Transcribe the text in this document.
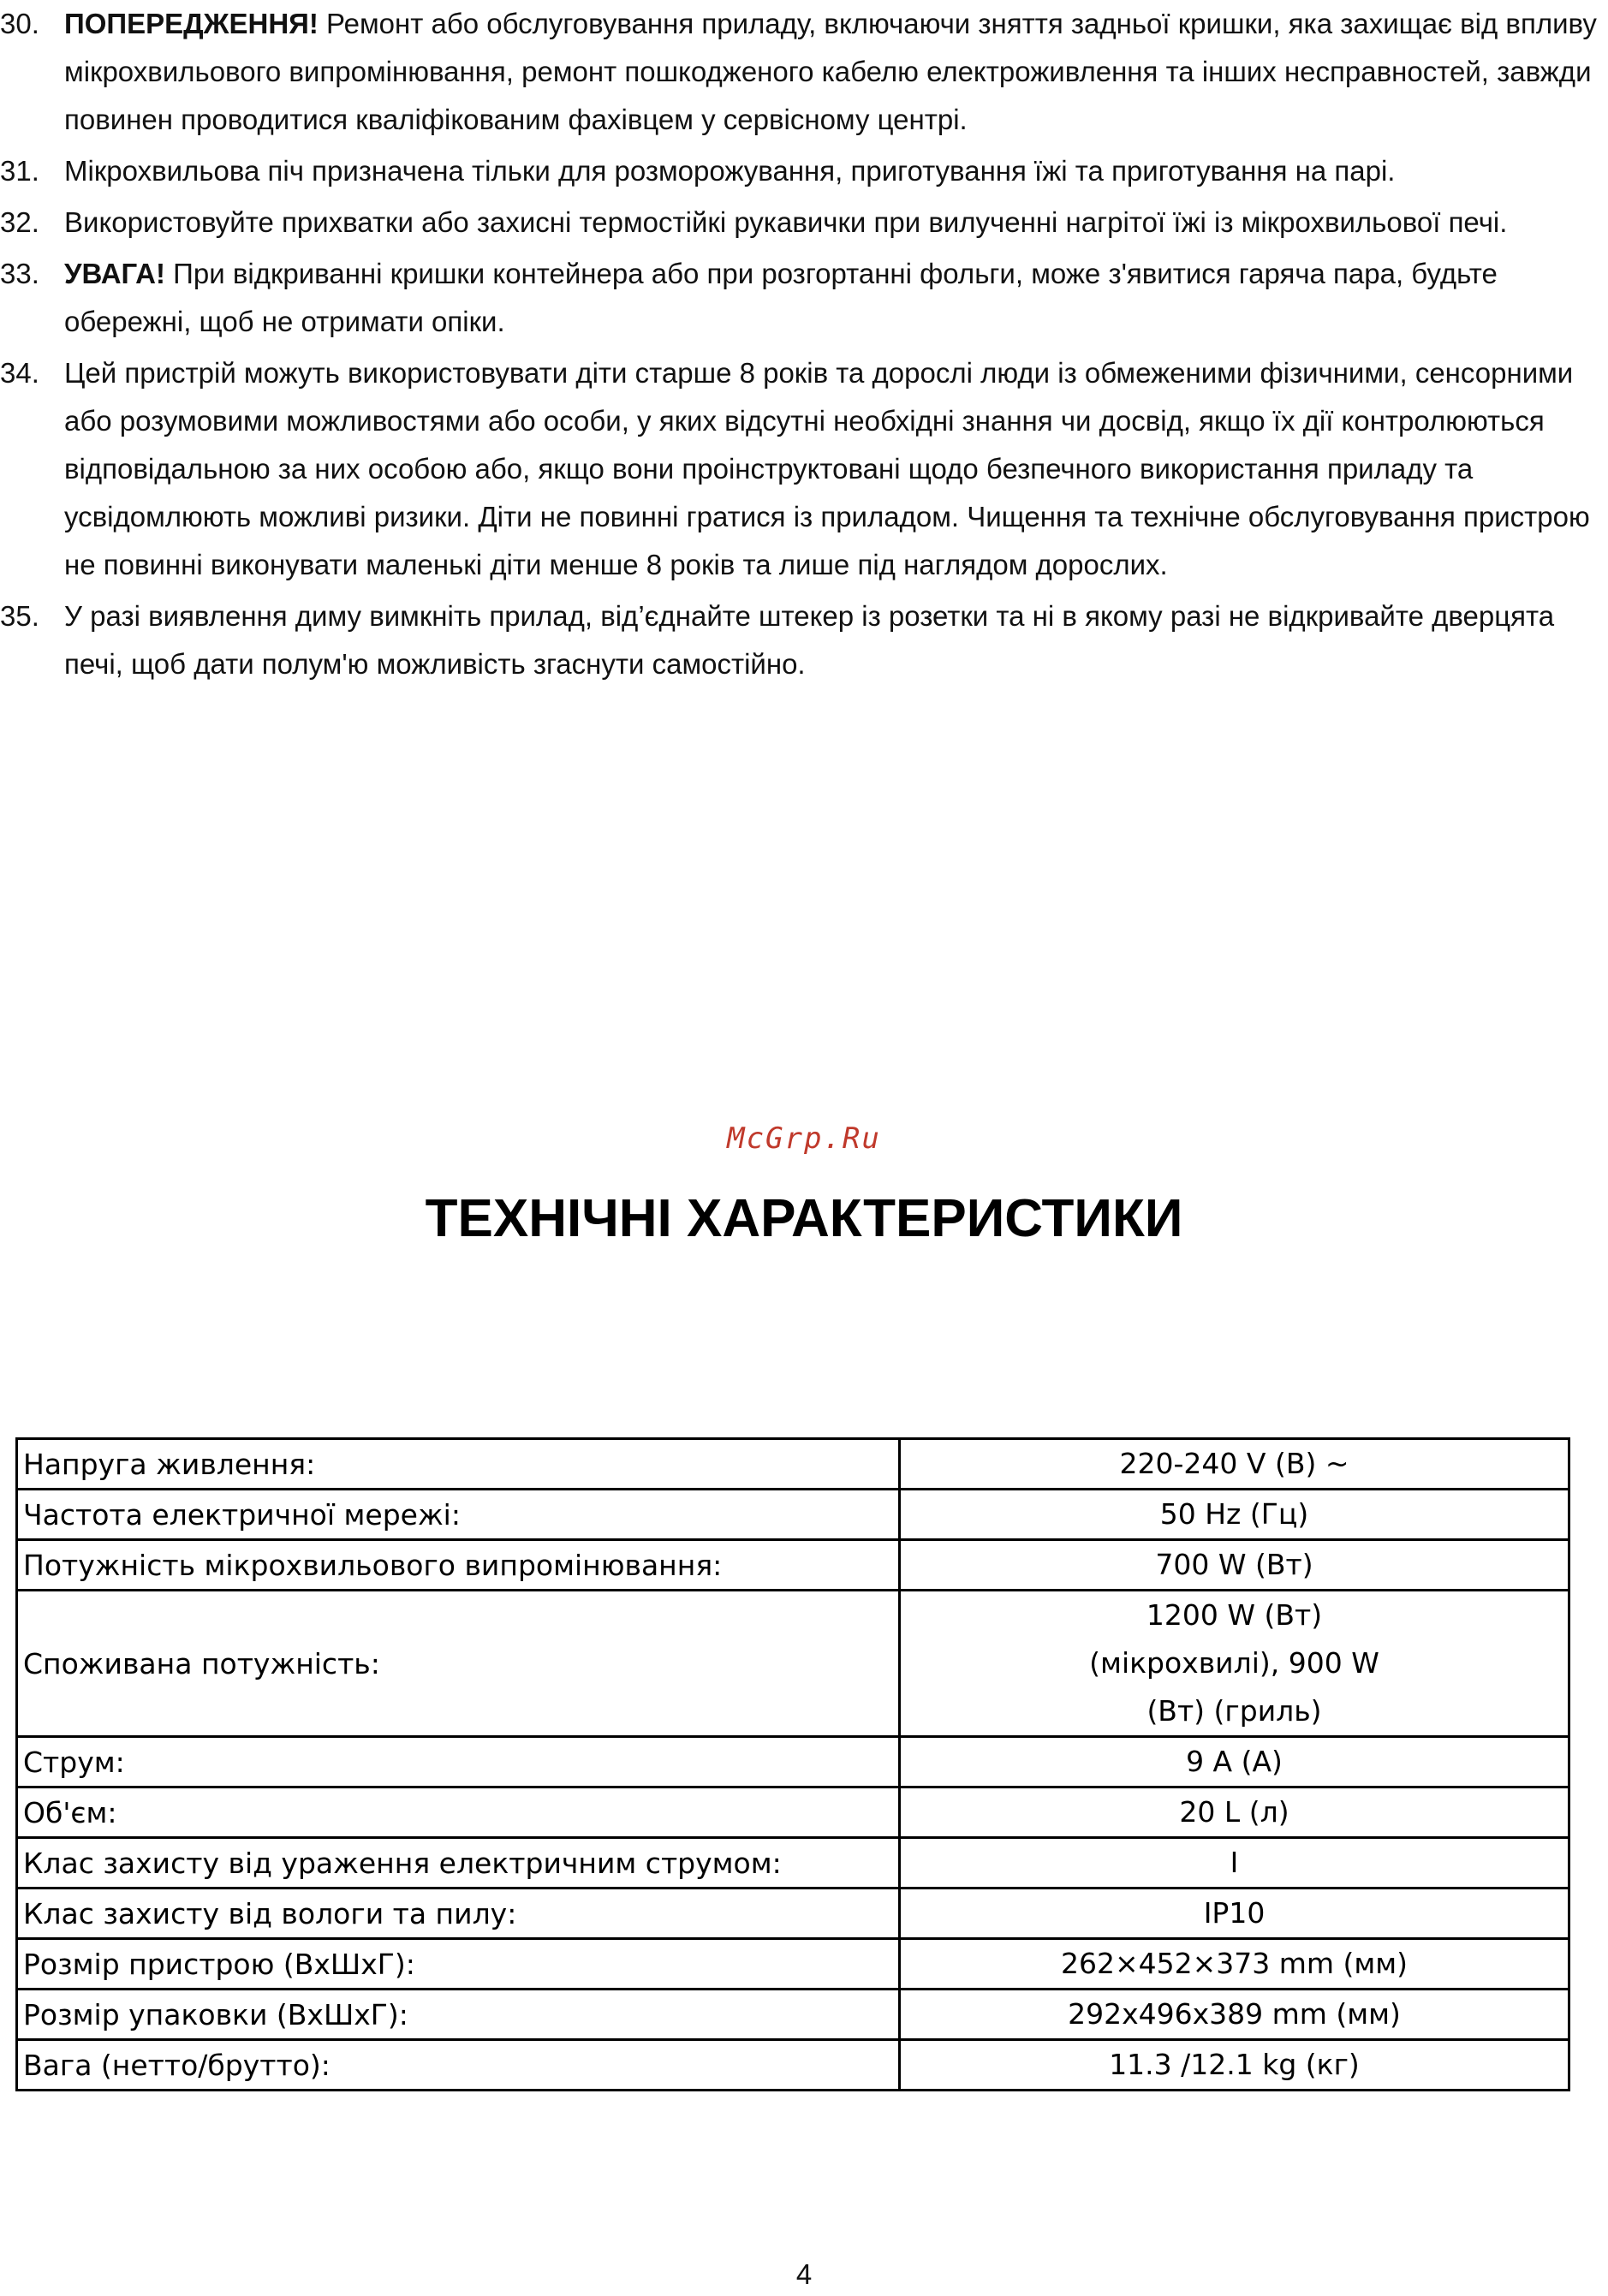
30. ПОПЕРЕДЖЕННЯ! Ремонт або обслуговування приладу, включаючи зняття задньої кришки, яка захищає від впливу мікрохвильового випромінювання, ремонт пошкодженого кабелю електроживлення та інших несправностей, завжди повинен проводитися кваліфікованим фахівцем у сервісному центрі.
31. Мікрохвильова піч призначена тільки для розморожування, приготування їжі та приготування на парі.
32. Використовуйте прихватки або захисні термостійкі рукавички при вилученні нагрітої їжі із мікрохвильової печі.
33. УВАГА! При відкриванні кришки контейнера або при розгортанні фольги, може з'явитися гаряча пара, будьте обережні, щоб не отримати опіки.
34. Цей пристрій можуть використовувати діти старше 8 років та дорослі люди із обмеженими фізичними, сенсорними або розумовими можливостями або особи, у яких відсутні необхідні знання чи досвід, якщо їх дії контролюються відповідальною за них особою або, якщо вони проінструктовані щодо безпечного використання приладу та усвідомлюють можливі ризики. Діти не повинні гратися із приладом. Чищення та технічне обслуговування пристрою не повинні виконувати маленькі діти менше 8 років та лише під наглядом дорослих.
35. У разі виявлення диму вимкніть прилад, від’єднайте штекер із розетки та ні в якому разі не відкривайте дверцята печі, щоб дати полум'ю можливість згаснути самостійно.
McGrp.Ru
ТЕХНІЧНІ ХАРАКТЕРИСТИКИ
Напруга живлення:	220-240 V (В) ~
Частота електричної мережі:	50 Hz (Гц)
Потужність мікрохвильового випромінювання:	700 W (Вт)
Споживана потужність:	1200 W (Вт)
(мікрохвилі), 900 W
(Вт) (гриль)

Струм:	9 A (А)
Об'єм:	20 L (л)
Клас захисту від ураження електричним струмом:	I
Клас захисту від вологи та пилу:	IP10
Розмір пристрою (ВхШхГ):	262×452×373 mm (мм)
Розмір упаковки (ВхШхГ):	292x496x389 mm (мм)
Вага (нетто/брутто):	11.3 /12.1 kg (кг)
4
